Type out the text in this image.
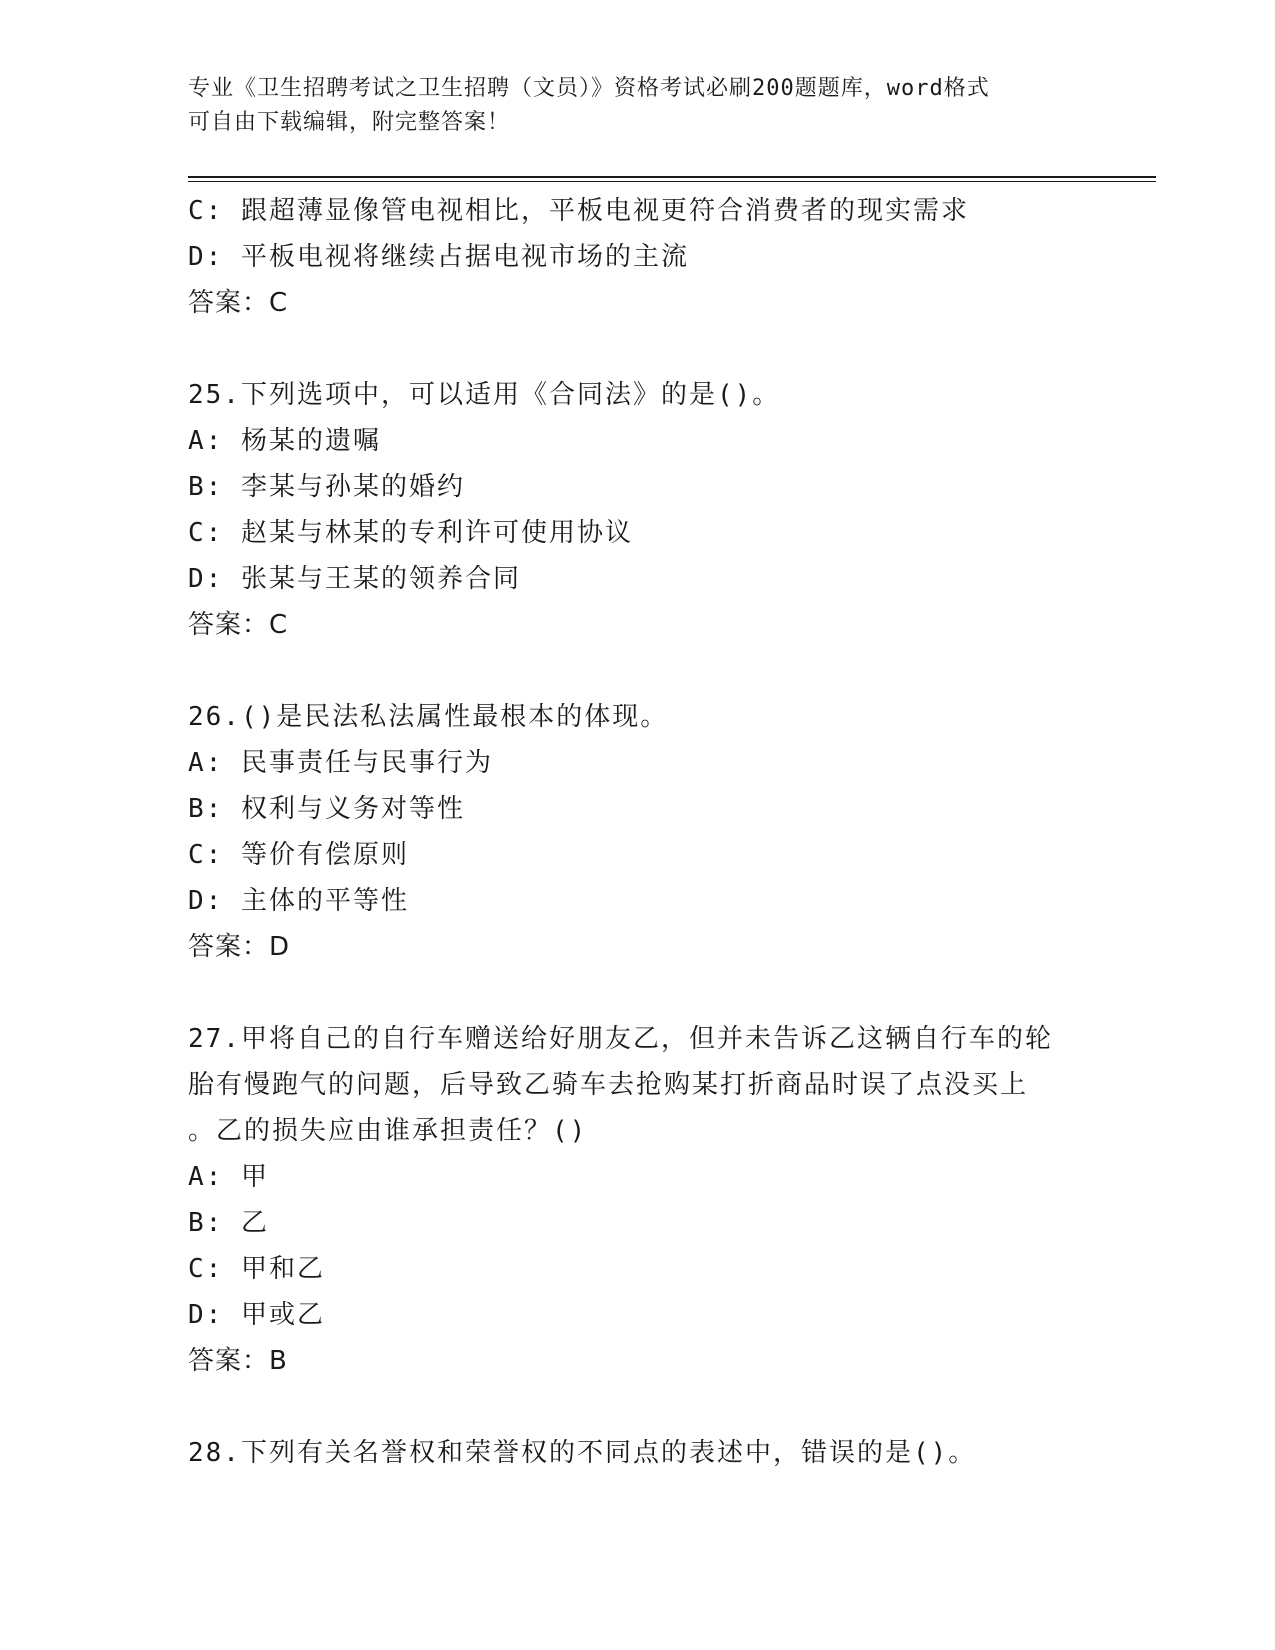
专业《卫生招聘考试之卫生招聘（文员）》资格考试必刷200题题库，word格式
可自由下载编辑，附完整答案！
C: 跟超薄显像管电视相比，平板电视更符合消费者的现实需求
D: 平板电视将继续占据电视市场的主流
答案：C
25.下列选项中，可以适用《合同法》的是()。
A: 杨某的遗嘱
B: 李某与孙某的婚约
C: 赵某与林某的专利许可使用协议
D: 张某与王某的领养合同
答案：C
26.()是民法私法属性最根本的体现。
A: 民事责任与民事行为
B: 权利与义务对等性
C: 等价有偿原则
D: 主体的平等性
答案：D
27.甲将自己的自行车赠送给好朋友乙，但并未告诉乙这辆自行车的轮
胎有慢跑气的问题，后导致乙骑车去抢购某打折商品时误了点没买上
。乙的损失应由谁承担责任？()
A: 甲
B: 乙
C: 甲和乙
D: 甲或乙
答案：B
28.下列有关名誉权和荣誉权的不同点的表述中，错误的是()。
